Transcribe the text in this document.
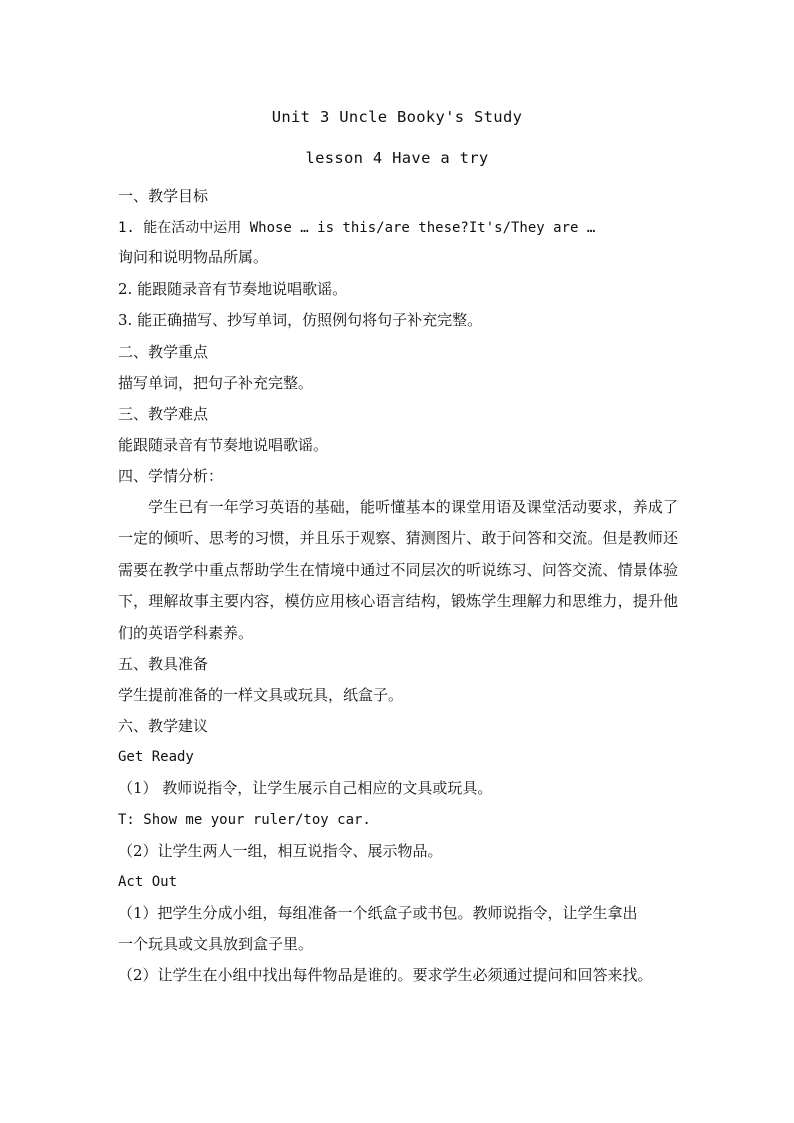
Unit 3 Uncle Booky's Study
lesson 4 Have a try
一、教学目标
1. 能在活动中运用 Whose … is this/are these?It's/They are …
询问和说明物品所属。
2. 能跟随录音有节奏地说唱歌谣。
3. 能正确描写、抄写单词，仿照例句将句子补充完整。
二、教学重点
描写单词，把句子补充完整。
三、教学难点
能跟随录音有节奏地说唱歌谣。
四、学情分析：
学生已有一年学习英语的基础，能听懂基本的课堂用语及课堂活动要求，养成了一定的倾听、思考的习惯，并且乐于观察、猜测图片、敢于问答和交流。但是教师还需要在教学中重点帮助学生在情境中通过不同层次的听说练习、问答交流、情景体验下，理解故事主要内容，模仿应用核心语言结构，锻炼学生理解力和思维力，提升他们的英语学科素养。
五、教具准备
学生提前准备的一样文具或玩具，纸盒子。
六、教学建议
Get Ready
（1） 教师说指令，让学生展示自己相应的文具或玩具。
T: Show me your ruler/toy car.
（2）让学生两人一组，相互说指令、展示物品。
Act Out
（1）把学生分成小组，每组准备一个纸盒子或书包。教师说指令，让学生拿出
一个玩具或文具放到盒子里。
（2）让学生在小组中找出每件物品是谁的。要求学生必须通过提问和回答来找。
